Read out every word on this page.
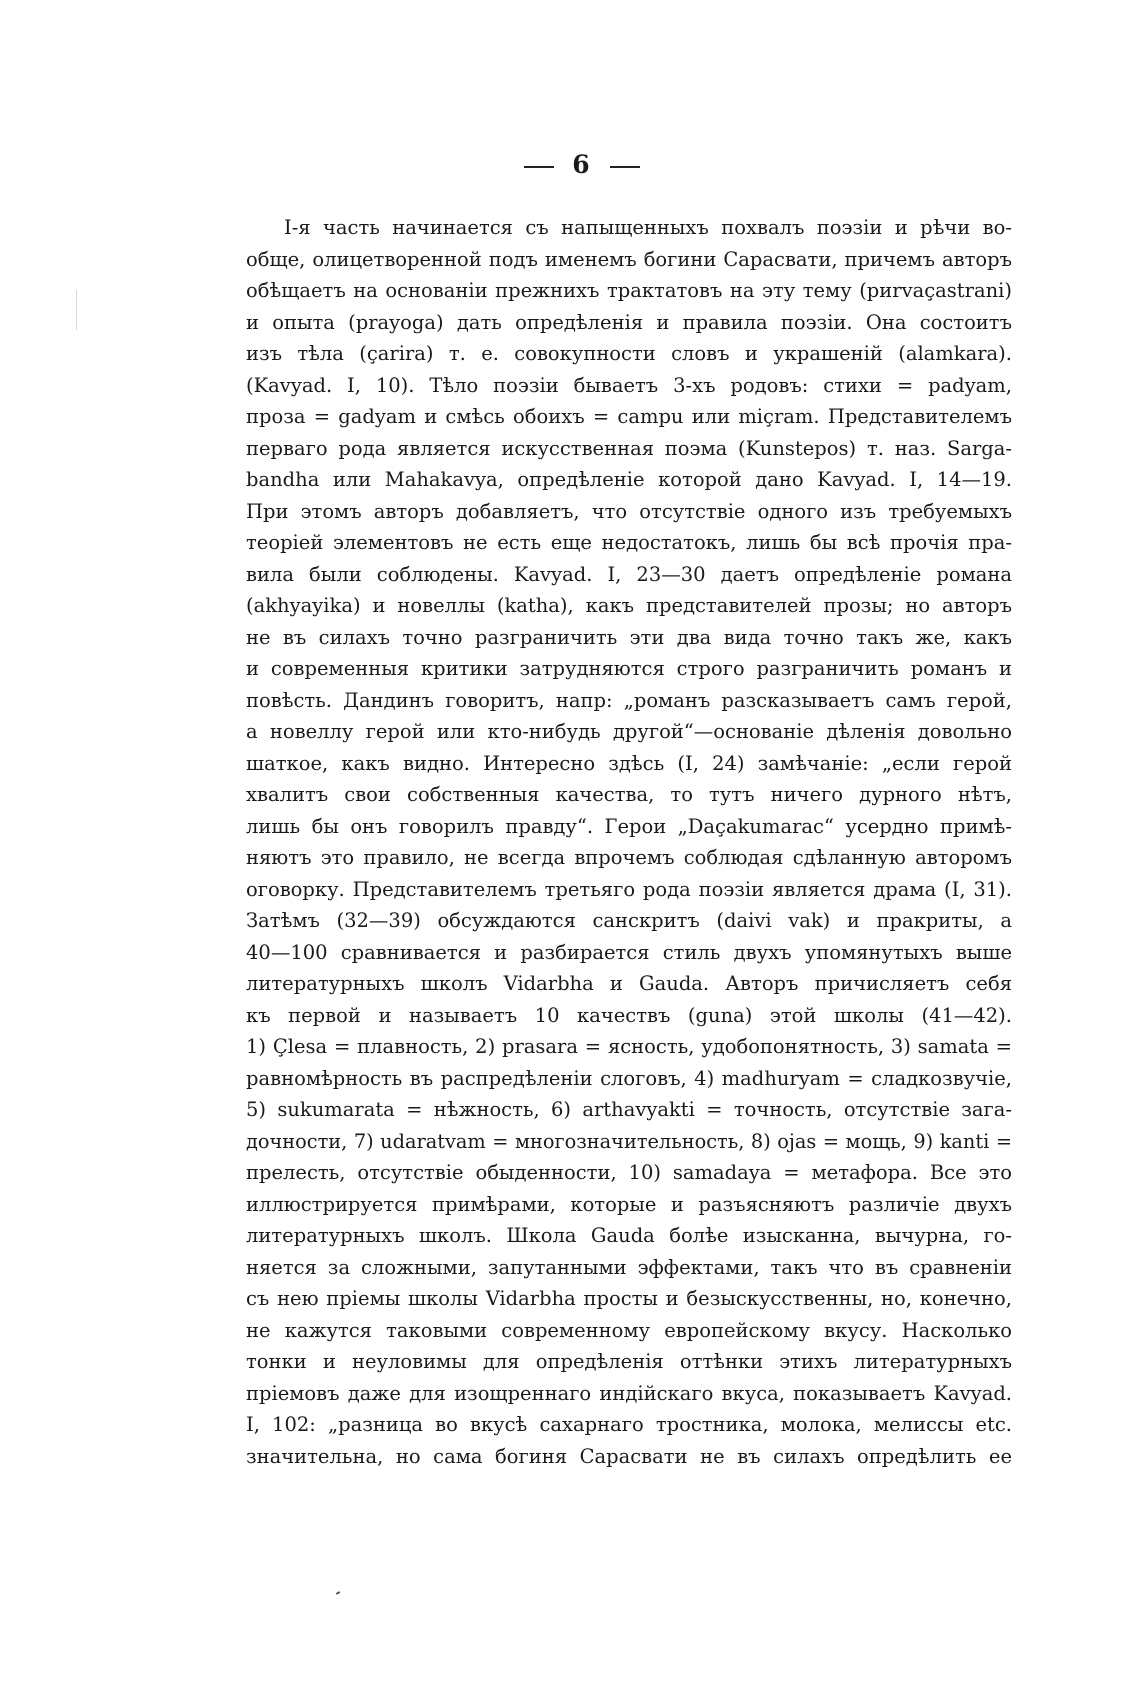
6

I-я часть начинается съ напыщенныхъ похвалъ поэзіи и рѣчи во-
обще, олицетворенной подъ именемъ богини Сарасвати, причемъ авторъ
обѣщаетъ на основаніи прежнихъ трактатовъ на эту тему (pиrvaçastrani)
и опыта (prayoga) дать опредѣленія и правила поэзіи. Она состоитъ
изъ тѣла (çarira) т. е. совокупности словъ и украшеній (alamkara).
(Kavyad. I, 10). Тѣло поэзіи бываетъ 3-хъ родовъ: стихи = padyam,
проза = gadyam и смѣсь обоихъ = campu или miçram. Представителемъ
перваго рода является искусственная поэма (Kunsteроs) т. наз. Sarga-
bandha или Mahakavya, опредѣленіе которой дано Kavyad. I, 14—19.
При этомъ авторъ добавляетъ, что отсутствіе одного изъ требуемыхъ
теоріей элементовъ не есть еще недостатокъ, лишь бы всѣ прочія пра-
вила были соблюдены. Kavyad. I, 23—30 даетъ опредѣленіе романа
(akhyayika) и новеллы (katha), какъ представителей прозы; но авторъ
не въ силахъ точно разграничить эти два вида точно такъ же, какъ
и современныя критики затрудняются строго разграничить романъ и
повѣсть. Дандинъ говоритъ, напр: „романъ разсказываетъ самъ герой,
а новеллу герой или кто-нибудь другой“—основаніе дѣленія довольно
шаткое, какъ видно. Интересно здѣсь (I, 24) замѣчаніе: „если герой
хвалитъ свои собственныя качества, то тутъ ничего дурного нѣтъ,
лишь бы онъ говорилъ правду“. Герои „Daçakumarac“ усердно примѣ-
няютъ это правило, не всегда впрочемъ соблюдая сдѣланную авторомъ
оговорку. Представителемъ третьяго рода поэзіи является драма (I, 31).
Затѣмъ (32—39) обсуждаются санскритъ (daivi vak) и пракриты, а
40—100 сравнивается и разбирается стиль двухъ упомянутыхъ выше
литературныхъ школъ Vidarbha и Gauda. Авторъ причисляетъ себя
къ первой и называетъ 10 качествъ (guna) этой школы (41—42).
1) Çlesa = плавность, 2) prasara = ясность, удобопонятность, 3) samata =
равномѣрность въ распредѣленіи слоговъ, 4) madhuryam = сладкозвучіе,
5) sukumarata = нѣжность, 6) arthavyakti = точность, отсутствіе зага-
дочности, 7) udaratvam = многозначительность, 8) ojas = мощь, 9) kanti =
прелесть, отсутствіе обыденности, 10) samadaya = метафора. Все это
иллюстрируется примѣрами, которые и разъясняютъ различіе двухъ
литературныхъ школъ. Школа Gauda болѣе изысканна, вычурна, го-
няется за сложными, запутанными эффектами, такъ что въ сравненіи
съ нею пріемы школы Vidarbha просты и безыскусственны, но, конечно,
не кажутся таковыми современному европейскому вкусу. Насколько
тонки и неуловимы для опредѣленія оттѣнки этихъ литературныхъ
пріемовъ даже для изощреннаго индійскаго вкуса, показываетъ Kavyad.
I, 102: „разница во вкусѣ сахарнаго тростника, молока, мелиссы etc.
значительна, но сама богиня Сарасвати не въ силахъ опредѣлить ее
